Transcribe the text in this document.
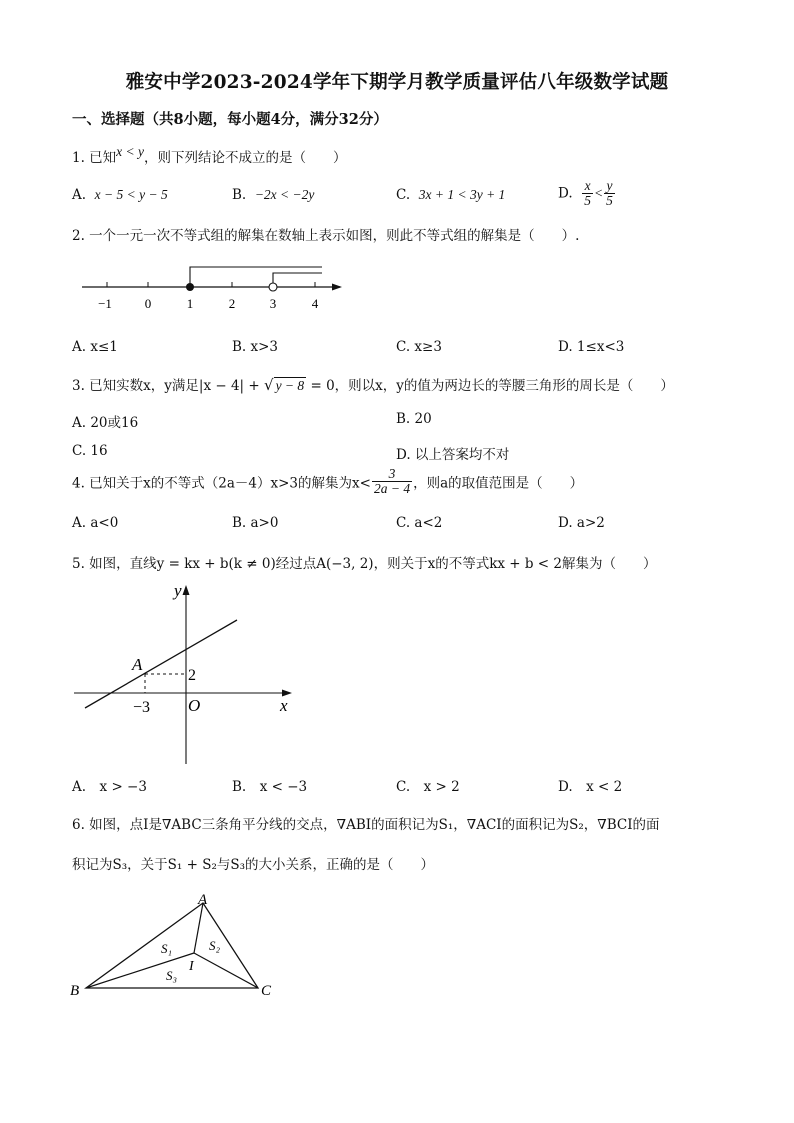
雅安中学2023-2024学年下期学月教学质量评估八年级数学试题
一、选择题（共8小题，每小题4分，满分32分）
1. 已知x < y，则下列结论不成立的是（　　）
A. x − 5 < y − 5	B. −2x < −2y	C. 3x + 1 < 3y + 1	D. $\frac{x}{5} < \frac{y}{5}$
2. 一个一元一次不等式组的解集在数轴上表示如图，则此不等式组的解集是（　　）.
−1	0	1	2	3	4
A. x≤1	B. x>3	C. x≥3	D. 1≤x<3
3. 已知实数x，y满足|x − 4| + √ y − 8 = 0，则以x，y的值为两边长的等腰三角形的周长是（　　）
A. 20或16	B. 20
C. 16	D. 以上答案均不对
4. 已知关于x的不等式（2a－4）x>3的解集为$x< \frac{3}{2a - 4}$ ，则a的取值范围是（　　）
A. a<0	B. a>0	C. a<2	D. a>2
5. 如图，直线y = kx + b(k ≠ 0)经过点A(−3, 2)，则关于x的不等式kx + b < 2解集为（　　）
y
x
O
A
−3
2
A.　x > −3	B.　x < −3	C.　x > 2	D.　x < 2
6. 如图，点I是∇ABC三条角平分线的交点，∇ABI的面积记为S₁，∇ACI的面积记为S₂，∇BCI的面
积记为S₃，关于S₁ + S₂与S₃的大小关系，正确的是（　　）
A
B	C
I
S₁	S₂
S₃
